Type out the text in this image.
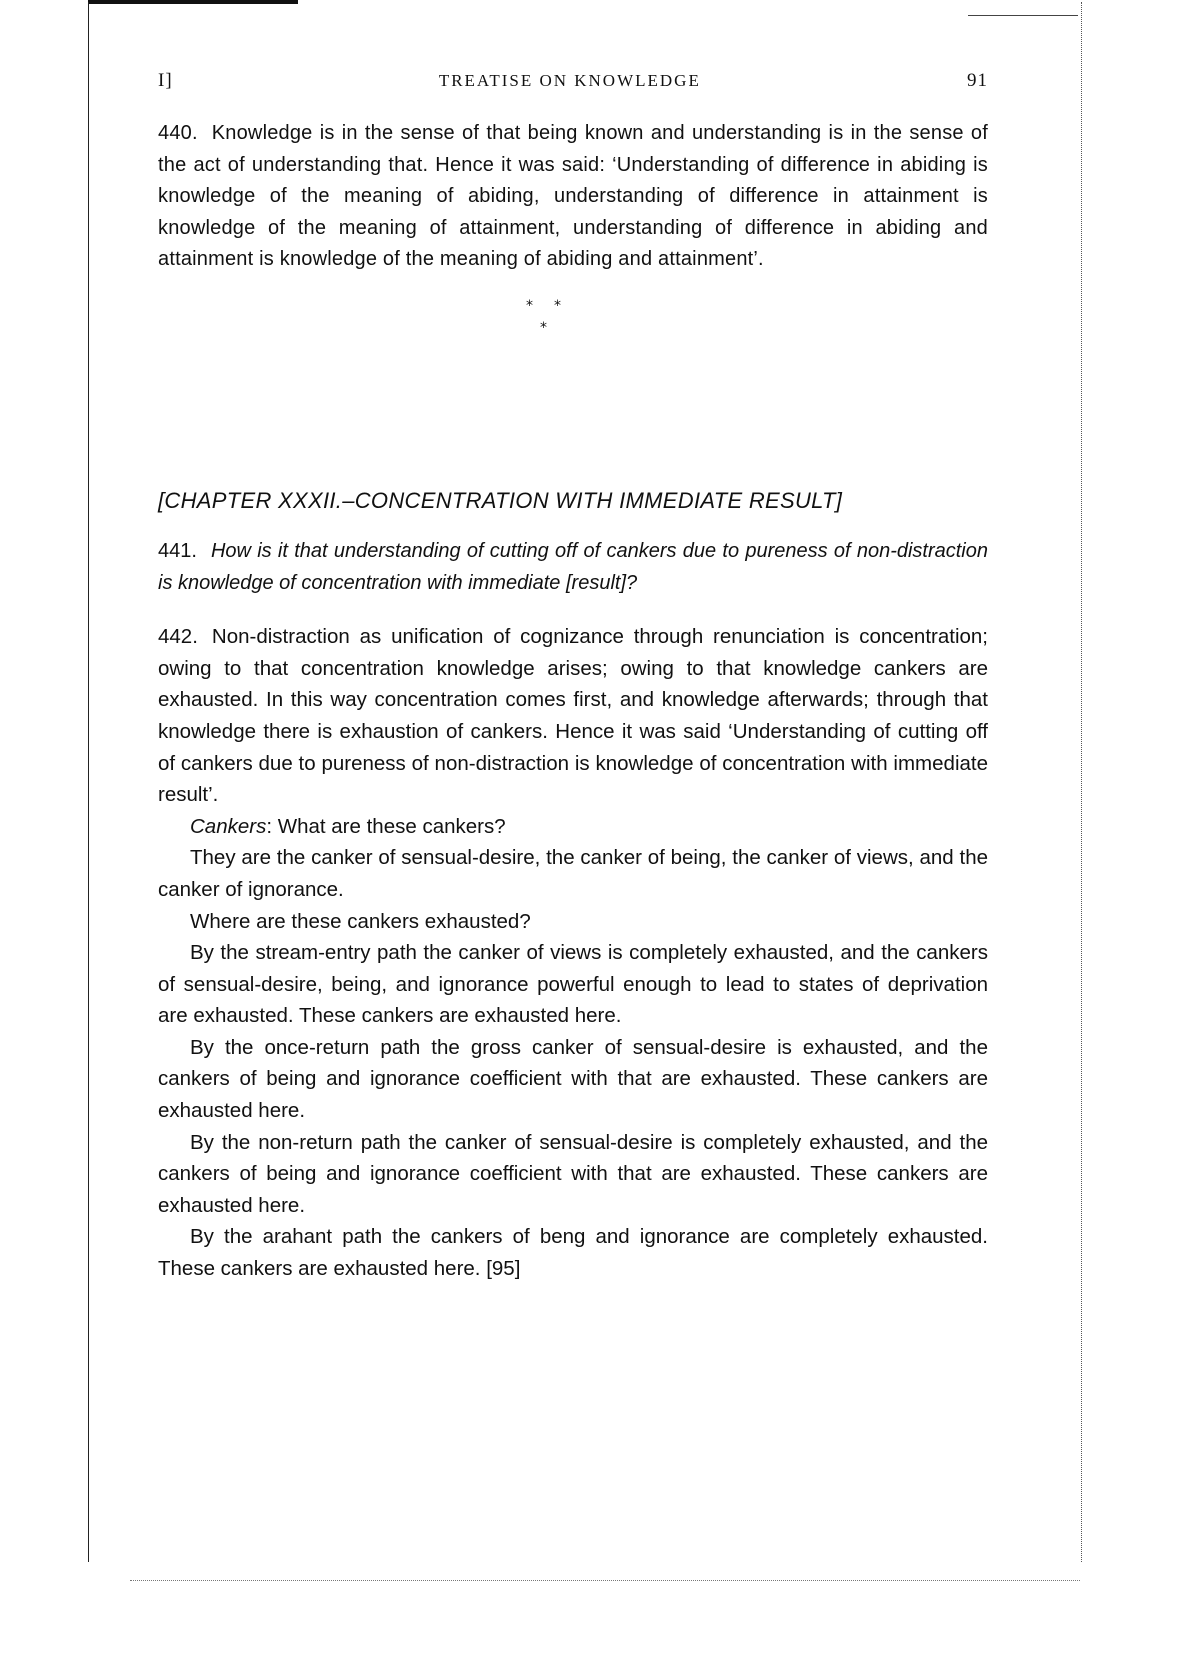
I]	TREATISE ON KNOWLEDGE	91

440. Knowledge is in the sense of that being known and understanding is in the sense of the act of understanding that. Hence it was said: ‘Understanding of difference in abiding is knowledge of the meaning of abiding, understanding of difference in attainment is knowledge of the meaning of attainment, understanding of difference in abiding and attainment is knowledge of the meaning of abiding and attainment’.

* *
*
[CHAPTER XXXII.–CONCENTRATION WITH IMMEDIATE RESULT]

441. How is it that understanding of cutting off of cankers due to pureness of non-distraction is knowledge of concentration with immediate [result]?

442. Non-distraction as unification of cognizance through renunciation is concentration; owing to that concentration knowledge arises; owing to that knowledge cankers are exhausted. In this way concentration comes first, and knowledge afterwards; through that knowledge there is exhaustion of cankers. Hence it was said ‘Understanding of cutting off of cankers due to pureness of non-distraction is knowledge of concentration with immediate result’.

Cankers: What are these cankers?

They are the canker of sensual-desire, the canker of being, the canker of views, and the canker of ignorance.

Where are these cankers exhausted?

By the stream-entry path the canker of views is completely exhausted, and the cankers of sensual-desire, being, and ignorance powerful enough to lead to states of deprivation are exhausted. These cankers are exhausted here.

By the once-return path the gross canker of sensual-desire is exhausted, and the cankers of being and ignorance coefficient with that are exhausted. These cankers are exhausted here.

By the non-return path the canker of sensual-desire is completely exhausted, and the cankers of being and ignorance coefficient with that are exhausted. These cankers are exhausted here.

By the arahant path the cankers of beng and ignorance are completely exhausted. These cankers are exhausted here. [95]
